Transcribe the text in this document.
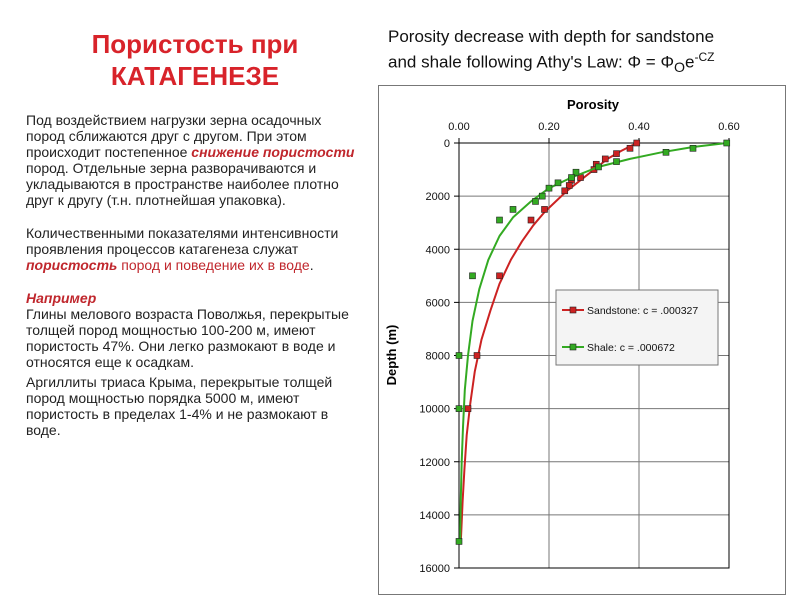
Пористость при
КАТАГЕНЕЗЕ

Под воздействием нагрузки зерна осадочных пород сближаются друг с другом. При этом происходит постепенное снижение пористости пород. Отдельные зерна разворачиваются и укладываются в пространстве наиболее плотно друг к другу (т.н. плотнейшая упаковка).

Количественными показателями интенсивности проявления процессов катагенеза служат пористость пород и поведение их в воде.

Например

Глины мелового возраста Поволжья, перекрытые толщей пород мощностью 100-200 м, имеют пористость 47%. Они легко размокают в воде и относятся еще к осадкам.

Аргиллиты триаса Крыма, перекрытые толщей пород мощностью порядка 5000 м, имеют пористость в пределах 1-4% и не размокают в воде.

Porosity decrease with depth for sandstone
and shale following Athy's Law: $\Phi = \Phi_Oe^{-CZ}$
0.00	0.20	0.40	0.60
0
2000
4000
6000
8000
10000
12000
14000
16000
Porosity
Depth (m)
Sandstone: c = .000327
Shale: c = .000672
